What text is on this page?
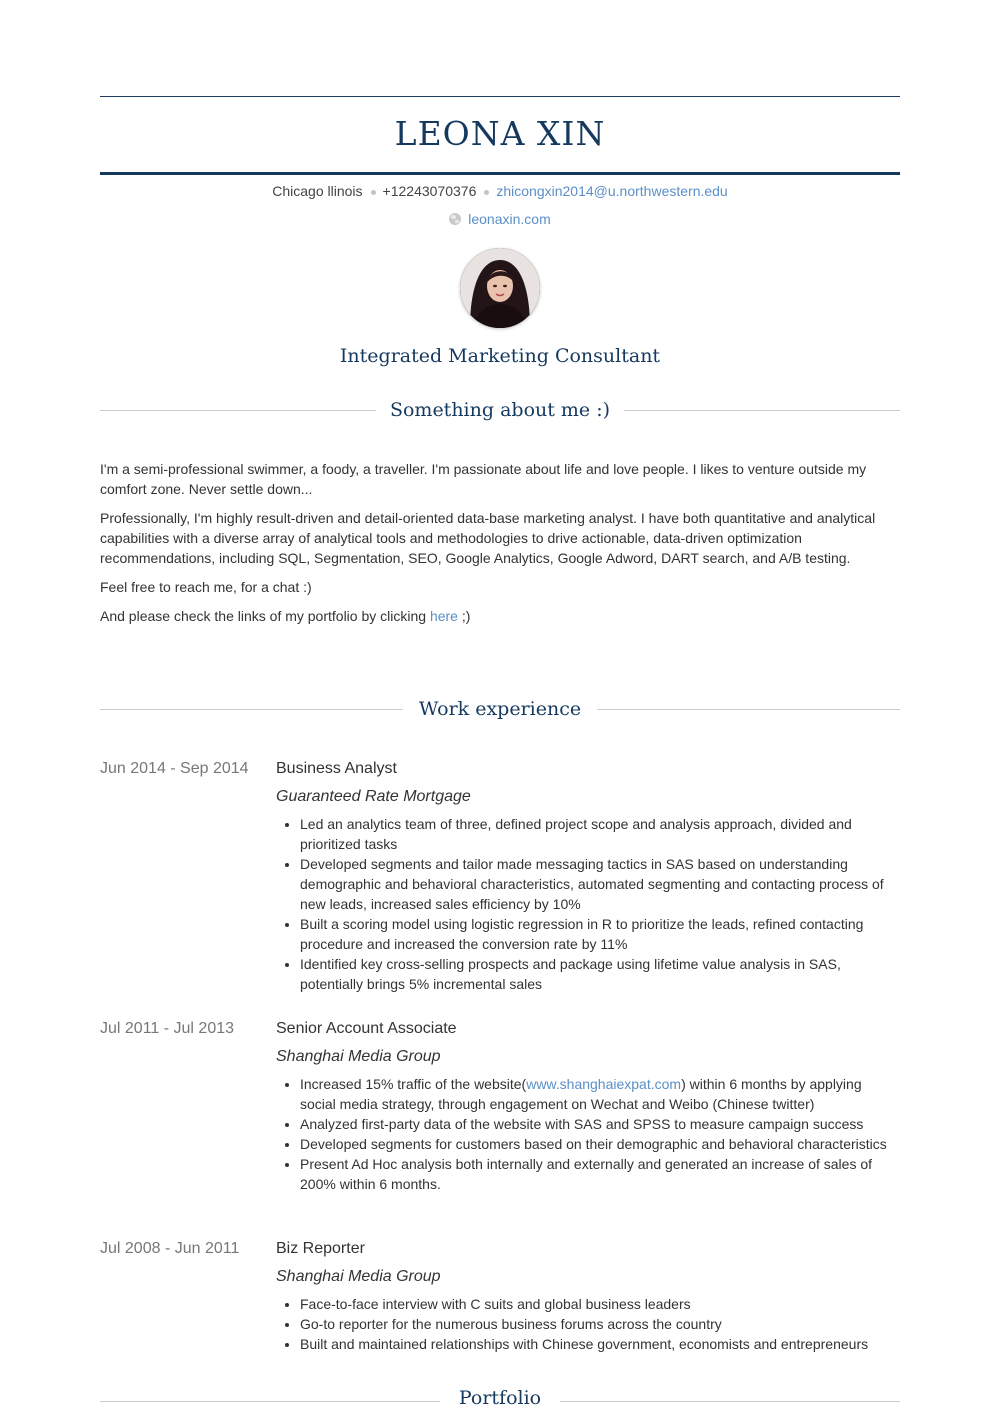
LEONA XIN
Chicago llinois +12243070376 zhicongxin2014@u.northwestern.edu
leonaxin.com
Integrated Marketing Consultant
Something about me :)

I'm a semi-professional swimmer, a foody, a traveller. I'm passionate about life and love people. I likes to venture outside my comfort zone. Never settle down...

Professionally, I'm highly result-driven and detail-oriented data-base marketing analyst. I have both quantitative and analytical capabilities with a diverse array of analytical tools and methodologies to drive actionable, data-driven optimization recommendations, including SQL, Segmentation, SEO, Google Analytics, Google Adword, DART search, and A/B testing.

Feel free to reach me, for a chat :)

And please check the links of my portfolio by clicking here ;)

Work experience
Jun 2014 - Sep 2014	Business Analyst
Guaranteed Rate Mortgage
• Led an analytics team of three, defined project scope and analysis approach, divided and prioritized tasks
• Developed segments and tailor made messaging tactics in SAS based on understanding demographic and behavioral characteristics, automated segmenting and contacting process of new leads, increased sales efficiency by 10%
• Built a scoring model using logistic regression in R to prioritize the leads, refined contacting procedure and increased the conversion rate by 11%
• Identified key cross-selling prospects and package using lifetime value analysis in SAS, potentially brings 5% incremental sales
Jul 2011 - Jul 2013	Senior Account Associate
Shanghai Media Group
• Increased 15% traffic of the website(www.shanghaiexpat.com) within 6 months by applying social media strategy, through engagement on Wechat and Weibo (Chinese twitter)
• Analyzed first-party data of the website with SAS and SPSS to measure campaign success
• Developed segments for customers based on their demographic and behavioral characteristics
• Present Ad Hoc analysis both internally and externally and generated an increase of sales of 200% within 6 months.
Jul 2008 - Jun 2011	Biz Reporter
Shanghai Media Group
• Face-to-face interview with C suits and global business leaders
• Go-to reporter for the numerous business forums across the country
• Built and maintained relationships with Chinese government, economists and entrepreneurs
Portfolio
